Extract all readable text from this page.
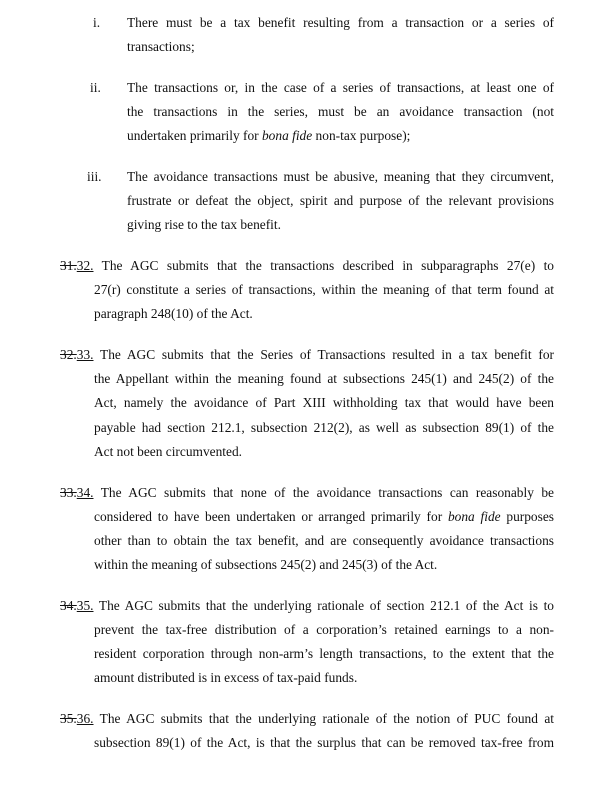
i. There must be a tax benefit resulting from a transaction or a series of
transactions;
ii. The transactions or, in the case of a series of transactions, at least one of
the transactions in the series, must be an avoidance transaction (not
undertaken primarily for bona fide non-tax purpose);
iii. The avoidance transactions must be abusive, meaning that they circumvent,
frustrate or defeat the object, spirit and purpose of the relevant provisions
giving rise to the tax benefit.
31.32. The AGC submits that the transactions described in subparagraphs 27(e) to
27(r) constitute a series of transactions, within the meaning of that term found at
paragraph 248(10) of the Act.
32.33. The AGC submits that the Series of Transactions resulted in a tax benefit for
the Appellant within the meaning found at subsections 245(1) and 245(2) of the
Act, namely the avoidance of Part XIII withholding tax that would have been
payable had section 212.1, subsection 212(2), as well as subsection 89(1) of the
Act not been circumvented.
33.34. The AGC submits that none of the avoidance transactions can reasonably be
considered to have been undertaken or arranged primarily for bona fide purposes
other than to obtain the tax benefit, and are consequently avoidance transactions
within the meaning of subsections 245(2) and 245(3) of the Act.
34.35. The AGC submits that the underlying rationale of section 212.1 of the Act is to
prevent the tax-free distribution of a corporation’s retained earnings to a non-
resident corporation through non-arm’s length transactions, to the extent that the
amount distributed is in excess of tax-paid funds.
35.36. The AGC submits that the underlying rationale of the notion of PUC found at
subsection 89(1) of the Act, is that the surplus that can be removed tax-free from
